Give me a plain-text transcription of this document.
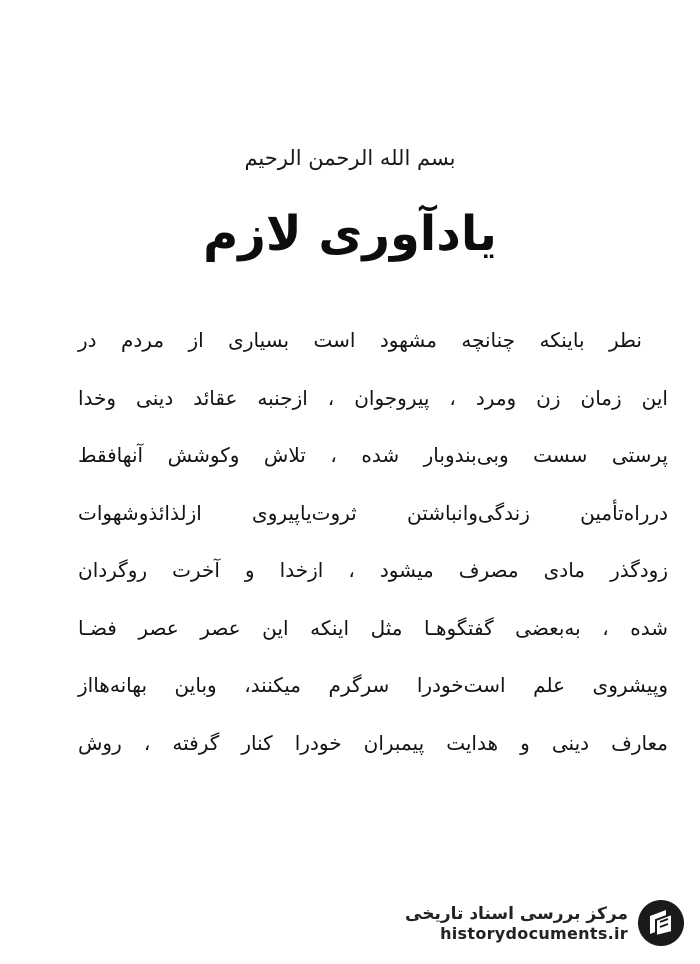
بسم الله الرحمن الرحیم
یادآوری لازم
نطر باینکه چنانچه مشهود است بسیاری از مردم در
این زمان زن ومرد ، پیروجوان ، ازجنبه عقائد دینی وخدا
پرستی سست وبی‌بندوبار شده ، تلاش وکوشش آنهافقط
درراه‌تأمین زندگی‌وانباشتن ثروت‌یاپیروی ازلذائذوشهوات
زودگذر مادی مصرف میشود ، ازخدا و آخرت روگردان
شده ، به‌بعضی گفتگوهـا مثل اینکه این عصر عصر فضـا
وپیشروی علم است‌خودرا سرگرم میکنند، وباین بهانه‌هااز
معارف دینی و هدایت پیمبران خودرا کنار گرفته ، روش
مرکز بررسی اسناد تاریخی
historydocuments.ir
